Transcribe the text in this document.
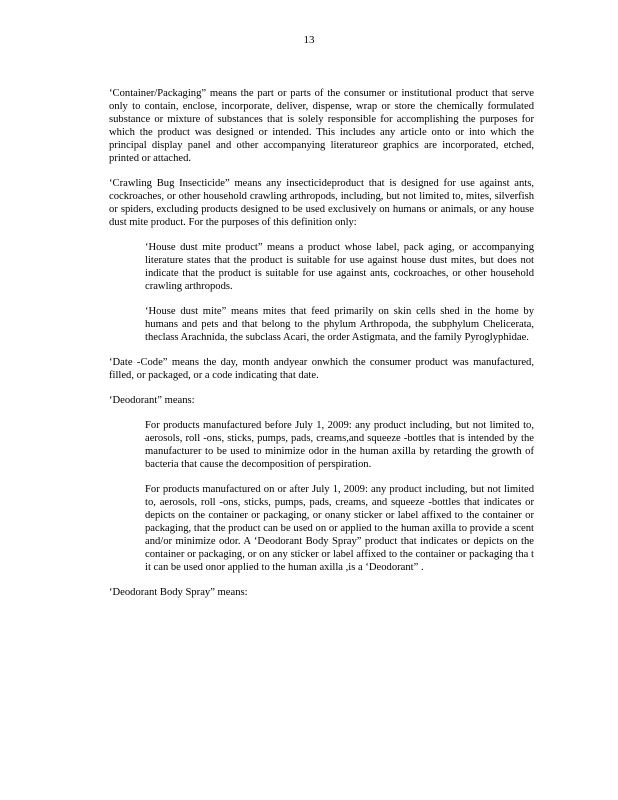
13

‘Container/Packaging” means the part or parts of the consumer or institutional product that serve only to contain, enclose, incorporate, deliver, dispense, wrap or store the chemically formulated substance or mixture of substances that is solely responsible for accomplishing the purposes for which the product was designed or intended. This includes any article onto or into which the principal display panel and other accompanying literatureor graphics are incorporated, etched, printed or attached.

‘Crawling Bug Insecticide” means any insecticideproduct that is designed for use against ants, cockroaches, or other household crawling arthropods, including, but not limited to, mites, silverfish or spiders, excluding products designed to be used exclusively on humans or animals, or any house dust mite product. For the purposes of this definition only:

‘House dust mite product” means a product whose label, pack aging, or accompanying literature states that the product is suitable for use against house dust mites, but does not indicate that the product is suitable for use against ants, cockroaches, or other household crawling arthropods.

‘House dust mite” means mites that feed primarily on skin cells shed in the home by humans and pets and that belong to the phylum Arthropoda, the subphylum Chelicerata, theclass Arachnida, the subclass Acari, the order Astigmata, and the family Pyroglyphidae.

‘Date -Code” means the day, month andyear onwhich the consumer product was manufactured, filled, or packaged, or a code indicating that date.

‘Deodorant” means:

For products manufactured before July 1, 2009: any product including, but not limited to, aerosols, roll -ons, sticks, pumps, pads, creams,and squeeze -bottles that is intended by the manufacturer to be used to minimize odor in the human axilla by retarding the growth of bacteria that cause the decomposition of perspiration.

For products manufactured on or after July 1, 2009: any product including, but not limited to, aerosols, roll -ons, sticks, pumps, pads, creams, and squeeze -bottles that indicates or depicts on the container or packaging, or onany sticker or label affixed to the container or packaging, that the product can be used on or applied to the human axilla to provide a scent and/or minimize odor. A ‘Deodorant Body Spray” product that indicates or depicts on the container or packaging, or on any sticker or label affixed to the container or packaging tha t it can be used onor applied to the human axilla ,is a ‘Deodorant” .

‘Deodorant Body Spray” means:
